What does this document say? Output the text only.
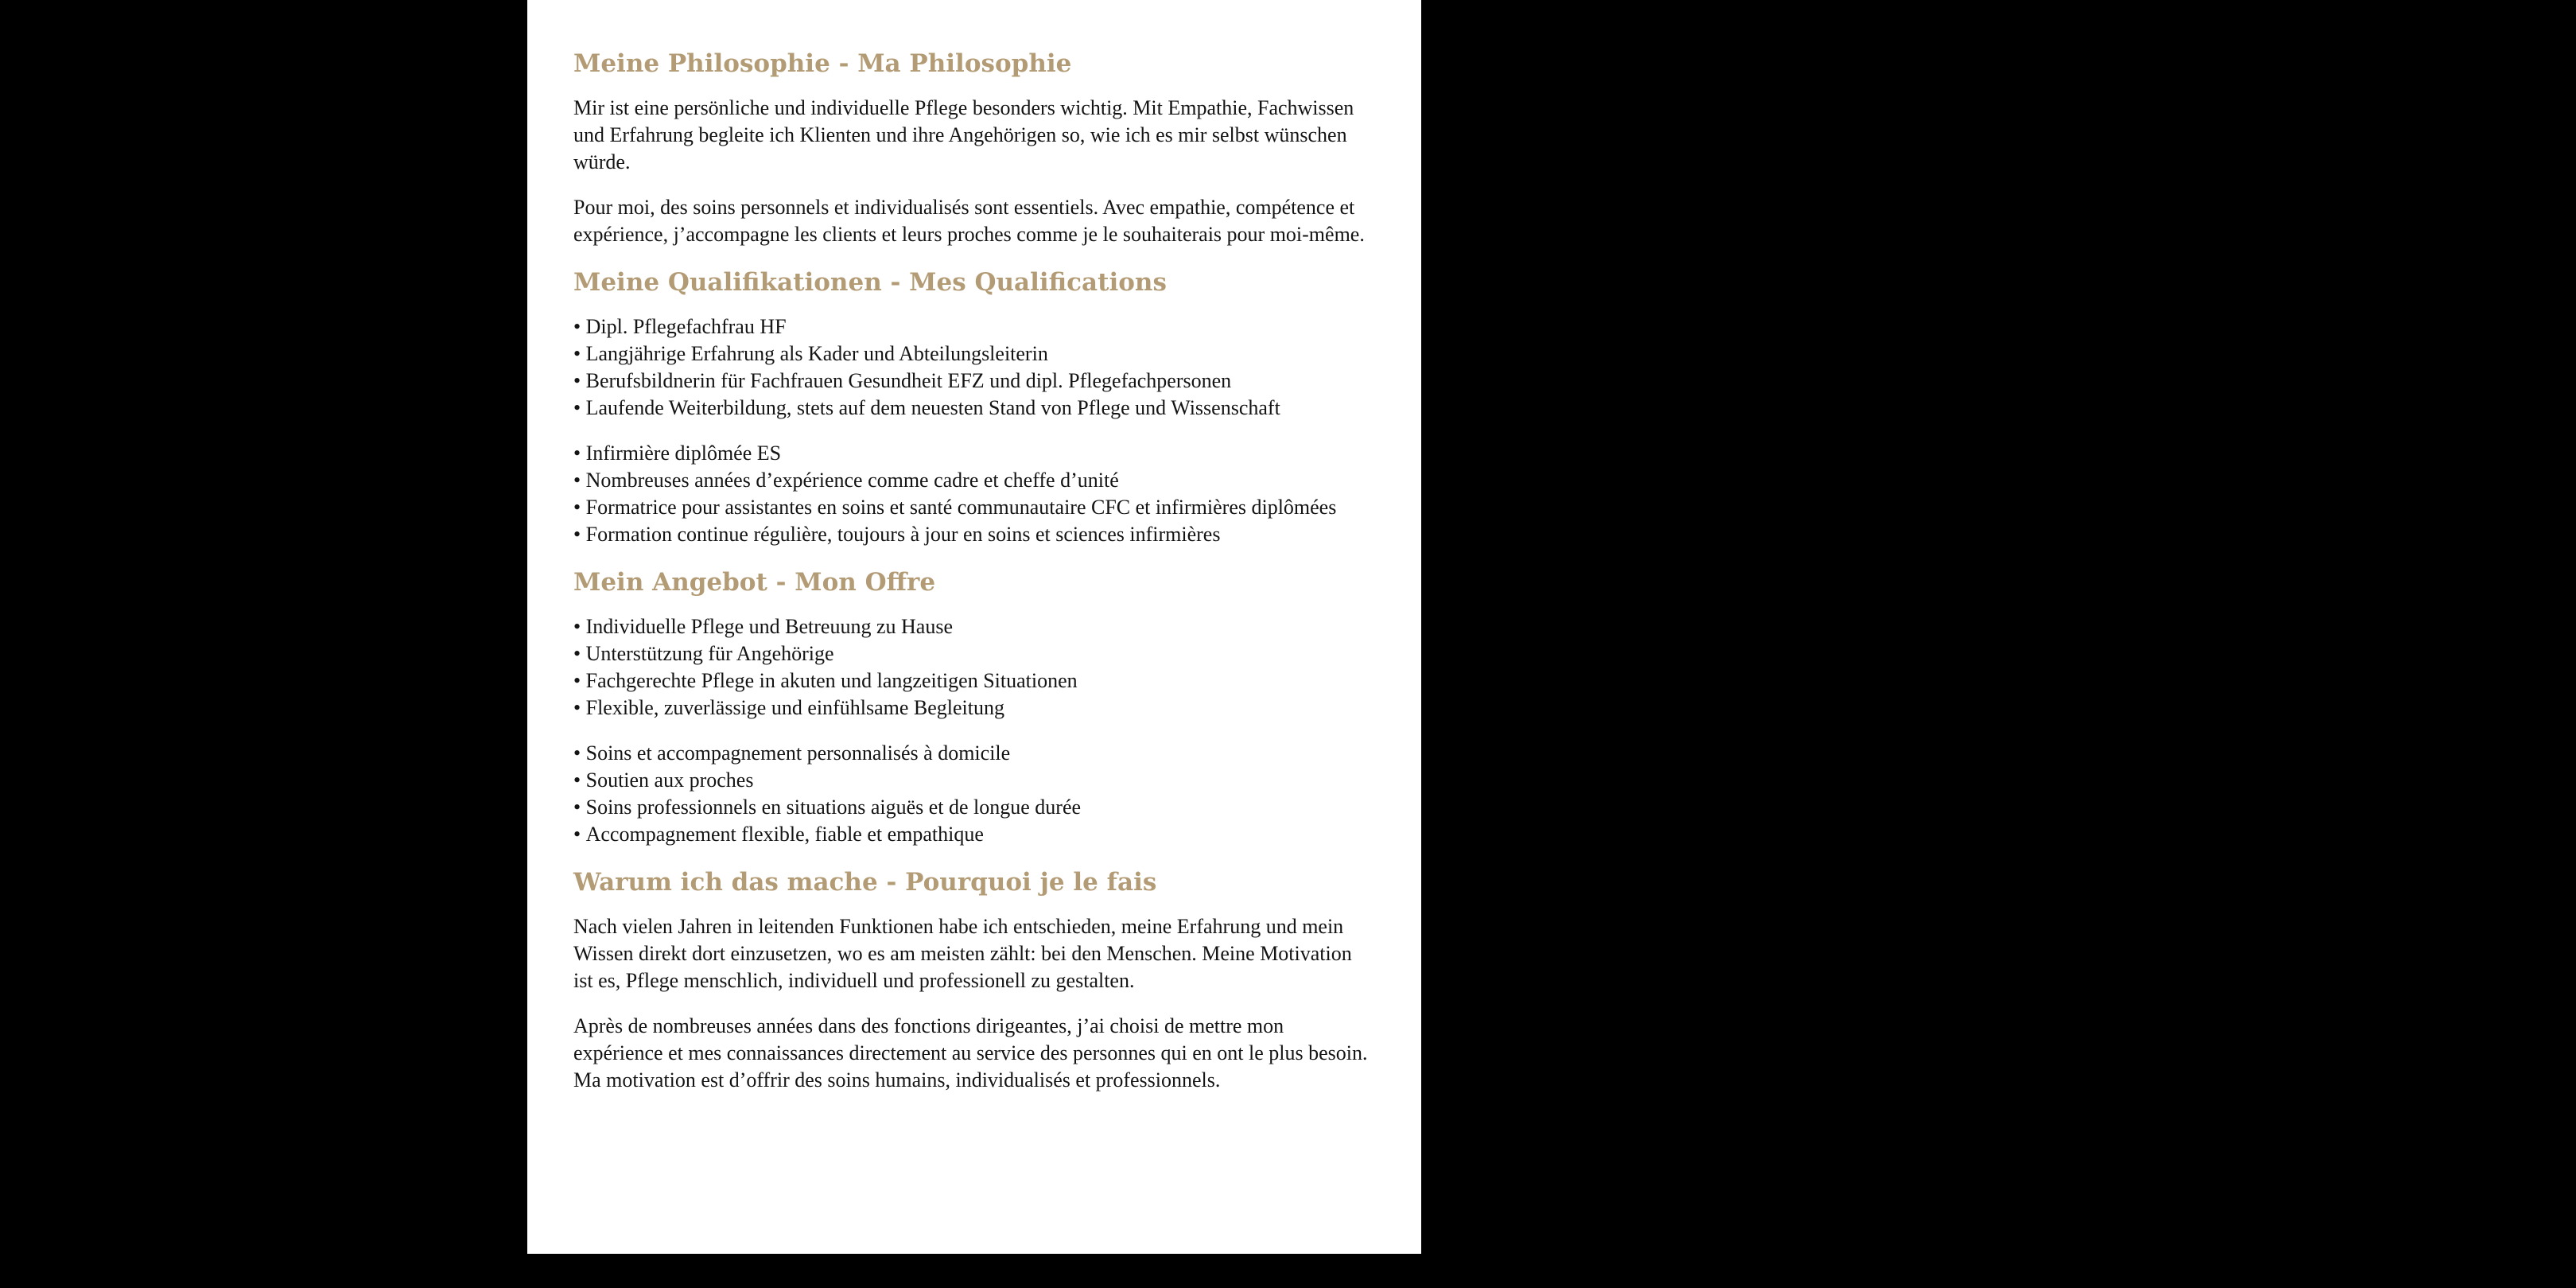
Meine Philosophie - Ma Philosophie

Mir ist eine persönliche und individuelle Pflege besonders wichtig. Mit Empathie, Fachwissen und Erfahrung begleite ich Klienten und ihre Angehörigen so, wie ich es mir selbst wünschen würde.

Pour moi, des soins personnels et individualisés sont essentiels. Avec empathie, compétence et expérience, j’accompagne les clients et leurs proches comme je le souhaiterais pour moi-même.

Meine Qualifikationen - Mes Qualifications
• Dipl. Pflegefachfrau HF
• Langjährige Erfahrung als Kader und Abteilungsleiterin
• Berufsbildnerin für Fachfrauen Gesundheit EFZ und dipl. Pflegefachpersonen
• Laufende Weiterbildung, stets auf dem neuesten Stand von Pflege und Wissenschaft
• Infirmière diplômée ES
• Nombreuses années d’expérience comme cadre et cheffe d’unité
• Formatrice pour assistantes en soins et santé communautaire CFC et infirmières diplômées
• Formation continue régulière, toujours à jour en soins et sciences infirmières
Mein Angebot - Mon Offre
• Individuelle Pflege und Betreuung zu Hause
• Unterstützung für Angehörige
• Fachgerechte Pflege in akuten und langzeitigen Situationen
• Flexible, zuverlässige und einfühlsame Begleitung
• Soins et accompagnement personnalisés à domicile
• Soutien aux proches
• Soins professionnels en situations aiguës et de longue durée
• Accompagnement flexible, fiable et empathique
Warum ich das mache - Pourquoi je le fais

Nach vielen Jahren in leitenden Funktionen habe ich entschieden, meine Erfahrung und mein Wissen direkt dort einzusetzen, wo es am meisten zählt: bei den Menschen. Meine Motivation ist es, Pflege menschlich, individuell und professionell zu gestalten.

Après de nombreuses années dans des fonctions dirigeantes, j’ai choisi de mettre mon expérience et mes connaissances directement au service des personnes qui en ont le plus besoin. Ma motivation est d’offrir des soins humains, individualisés et professionnels.
